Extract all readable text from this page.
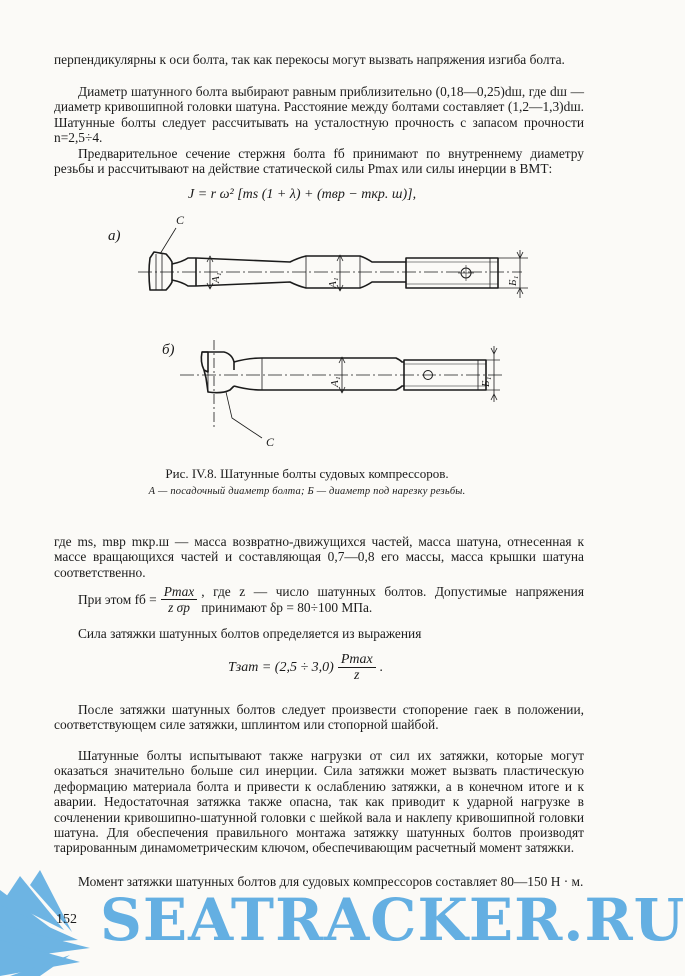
перпендикулярны к оси болта, так как перекосы могут вызвать напряжения изгиба болта.

Диаметр шатунного болта выбирают равным приблизительно (0,18—0,25)dш, где dш — диаметр кривошипной головки шатуна. Расстояние между болтами составляет (1,2—1,3)dш. Шатунные болты следует рассчитывать на усталостную прочность с запасом прочности n=2,5÷4.

Предварительное сечение стержня болта fб принимают по внутреннему диаметру резьбы и рассчитывают на действие статической силы Pmax или силы инерции в ВМТ:

J = r ω² [ms (1 + λ) + (mвр − mкр. ш)],
а)
С
б)
С
А₁	А₁	Б₁
А₁	Б₁
Рис. IV.8. Шатунные болты судовых компрессоров.
А — посадочный диаметр болта; Б — диаметр под нарезку резьбы.

где ms, mвр mкр.ш — масса возвратно-движущихся частей, масса шатуна, отнесенная к массе вращающихся частей и составляющая 0,7—0,8 его массы, масса крышки шатуна соответственно.

При этом fб = $\frac{Pmax}{\text{z σр}}$ , где z — число шатунных болтов. Допустимые напряжения принимают δр = 80÷100 МПа.

Сила затяжки шатунных болтов определяется из выражения

Tзат = $(2,5 \div 3,0) \frac{Pmax}{z}$ .

После затяжки шатунных болтов следует произвести стопорение гаек в положении, соответствующем силе затяжки, шплинтом или стопорной шайбой.

Шатунные болты испытывают также нагрузки от сил их затяжки, которые могут оказаться значительно больше сил инерции. Сила затяжки может вызвать пластическую деформацию материала болта и привести к ослаблению затяжки, а в конечном итоге и к аварии. Недостаточная затяжка также опасна, так как приводит к ударной нагрузке в сочленении кривошипно-шатунной головки с шейкой вала и наклепу кривошипной головки шатуна. Для обеспечения правильного монтажа затяжку шатунных болтов производят тарированным динамометрическим ключом, обеспечивающим расчетный момент затяжки.

Момент затяжки шатунных болтов для судовых компрессоров составляет 80—150 Н · м.

152 SEATRACKER.RU
